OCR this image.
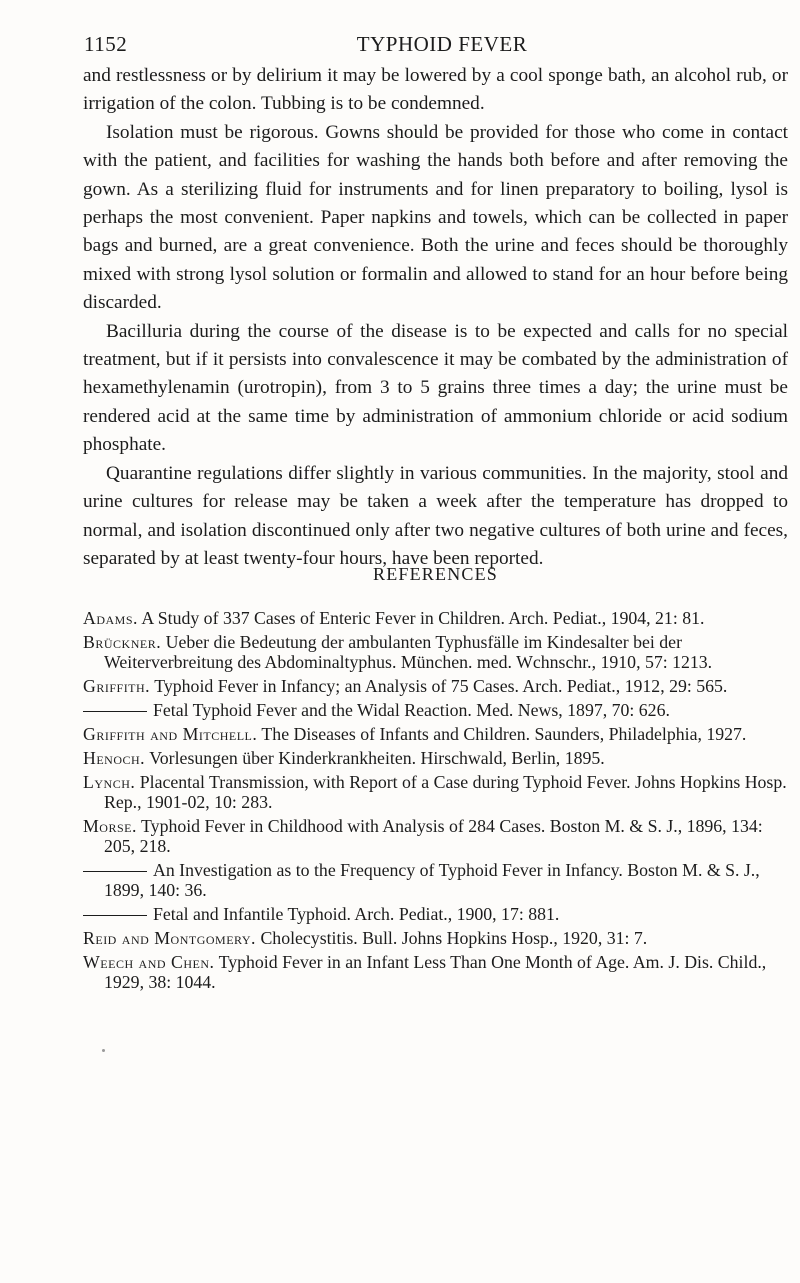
1152	TYPHOID FEVER

and restlessness or by delirium it may be lowered by a cool sponge bath, an alcohol rub, or irrigation of the colon. Tubbing is to be condemned.

Isolation must be rigorous. Gowns should be provided for those who come in contact with the patient, and facilities for washing the hands both before and after removing the gown. As a sterilizing fluid for instruments and for linen preparatory to boiling, lysol is perhaps the most convenient. Paper napkins and towels, which can be collected in paper bags and burned, are a great convenience. Both the urine and feces should be thoroughly mixed with strong lysol solution or formalin and allowed to stand for an hour before being discarded.

Bacilluria during the course of the disease is to be expected and calls for no special treatment, but if it persists into convalescence it may be combated by the administration of hexamethylenamin (urotropin), from 3 to 5 grains three times a day; the urine must be rendered acid at the same time by administration of ammonium chloride or acid sodium phosphate.

Quarantine regulations differ slightly in various communities. In the majority, stool and urine cultures for release may be taken a week after the temperature has dropped to normal, and isolation discontinued only after two negative cultures of both urine and feces, separated by at least twenty-four hours, have been reported.

REFERENCES
Adams. A Study of 337 Cases of Enteric Fever in Children. Arch. Pediat., 1904, 21: 81.
Brückner. Ueber die Bedeutung der ambulanten Typhusfälle im Kindesalter bei der Weiterverbreitung des Abdominaltyphus. München. med. Wchnschr., 1910, 57: 1213.
Griffith. Typhoid Fever in Infancy; an Analysis of 75 Cases. Arch. Pediat., 1912, 29: 565.
Fetal Typhoid Fever and the Widal Reaction. Med. News, 1897, 70: 626.
Griffith and Mitchell. The Diseases of Infants and Children. Saunders, Philadelphia, 1927.
Henoch. Vorlesungen über Kinderkrankheiten. Hirschwald, Berlin, 1895.
Lynch. Placental Transmission, with Report of a Case during Typhoid Fever. Johns Hopkins Hosp. Rep., 1901-02, 10: 283.
Morse. Typhoid Fever in Childhood with Analysis of 284 Cases. Boston M. & S. J., 1896, 134: 205, 218.
An Investigation as to the Frequency of Typhoid Fever in Infancy. Boston M. & S. J., 1899, 140: 36.
Fetal and Infantile Typhoid. Arch. Pediat., 1900, 17: 881.
Reid and Montgomery. Cholecystitis. Bull. Johns Hopkins Hosp., 1920, 31: 7.
Weech and Chen. Typhoid Fever in an Infant Less Than One Month of Age. Am. J. Dis. Child., 1929, 38: 1044.
